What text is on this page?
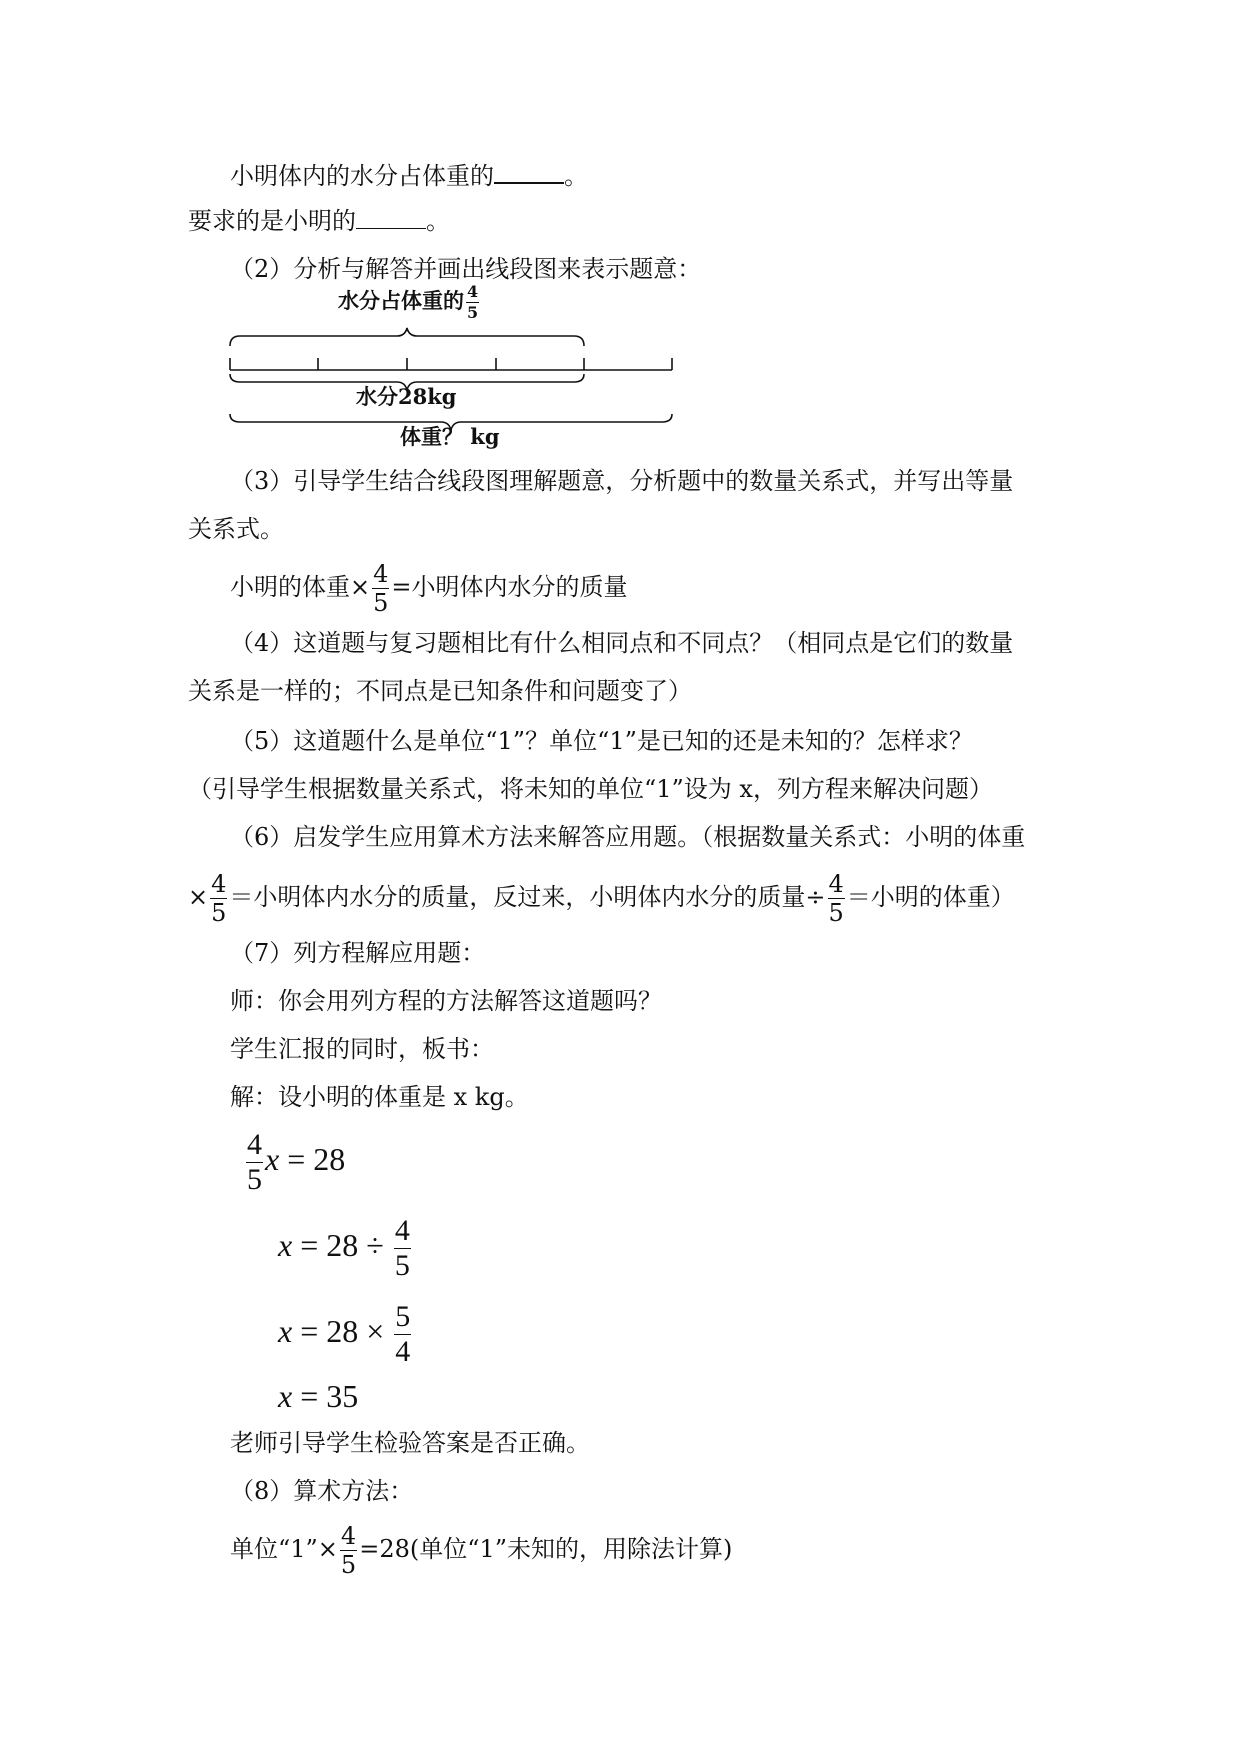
小明体内的水分占体重的	。
要求的是小明的	。
（2）分析与解答并画出线段图来表示题意：
水分占体重的 $\frac{4}{5}$
水分28kg
体重？ kg
（3）引导学生结合线段图理解题意，分析题中的数量关系式，并写出等量
关系式。
小明的体重× $\frac{4}{5}$ =小明体内水分的质量
（4）这道题与复习题相比有什么相同点和不同点？（相同点是它们的数量
关系是一样的；不同点是已知条件和问题变了）
（5）这道题什么是单位“1”？单位“1”是已知的还是未知的？怎样求？
（引导学生根据数量关系式，将未知的单位“1”设为 x，列方程来解决问题）
（6）启发学生应用算术方法来解答应用题。（根据数量关系式：小明的体重
× $\frac{4}{5}$ ＝小明体内水分的质量，反过来，小明体内水分的质量÷ $\frac{4}{5}$ ＝小明的体重）
（7）列方程解应用题：
师：你会用列方程的方法解答这道题吗？
学生汇报的同时，板书：
解：设小明的体重是 x kg。
$\frac{4}{5}$ x = 28
$x = 28 \div \frac{4}{5}$
$x = 28 \times \frac{5}{4}$
x = 35
老师引导学生检验答案是否正确。
（8）算术方法：
单位“1”× $\frac{4}{5} =28$(单位“1”未知的，用除法计算)
